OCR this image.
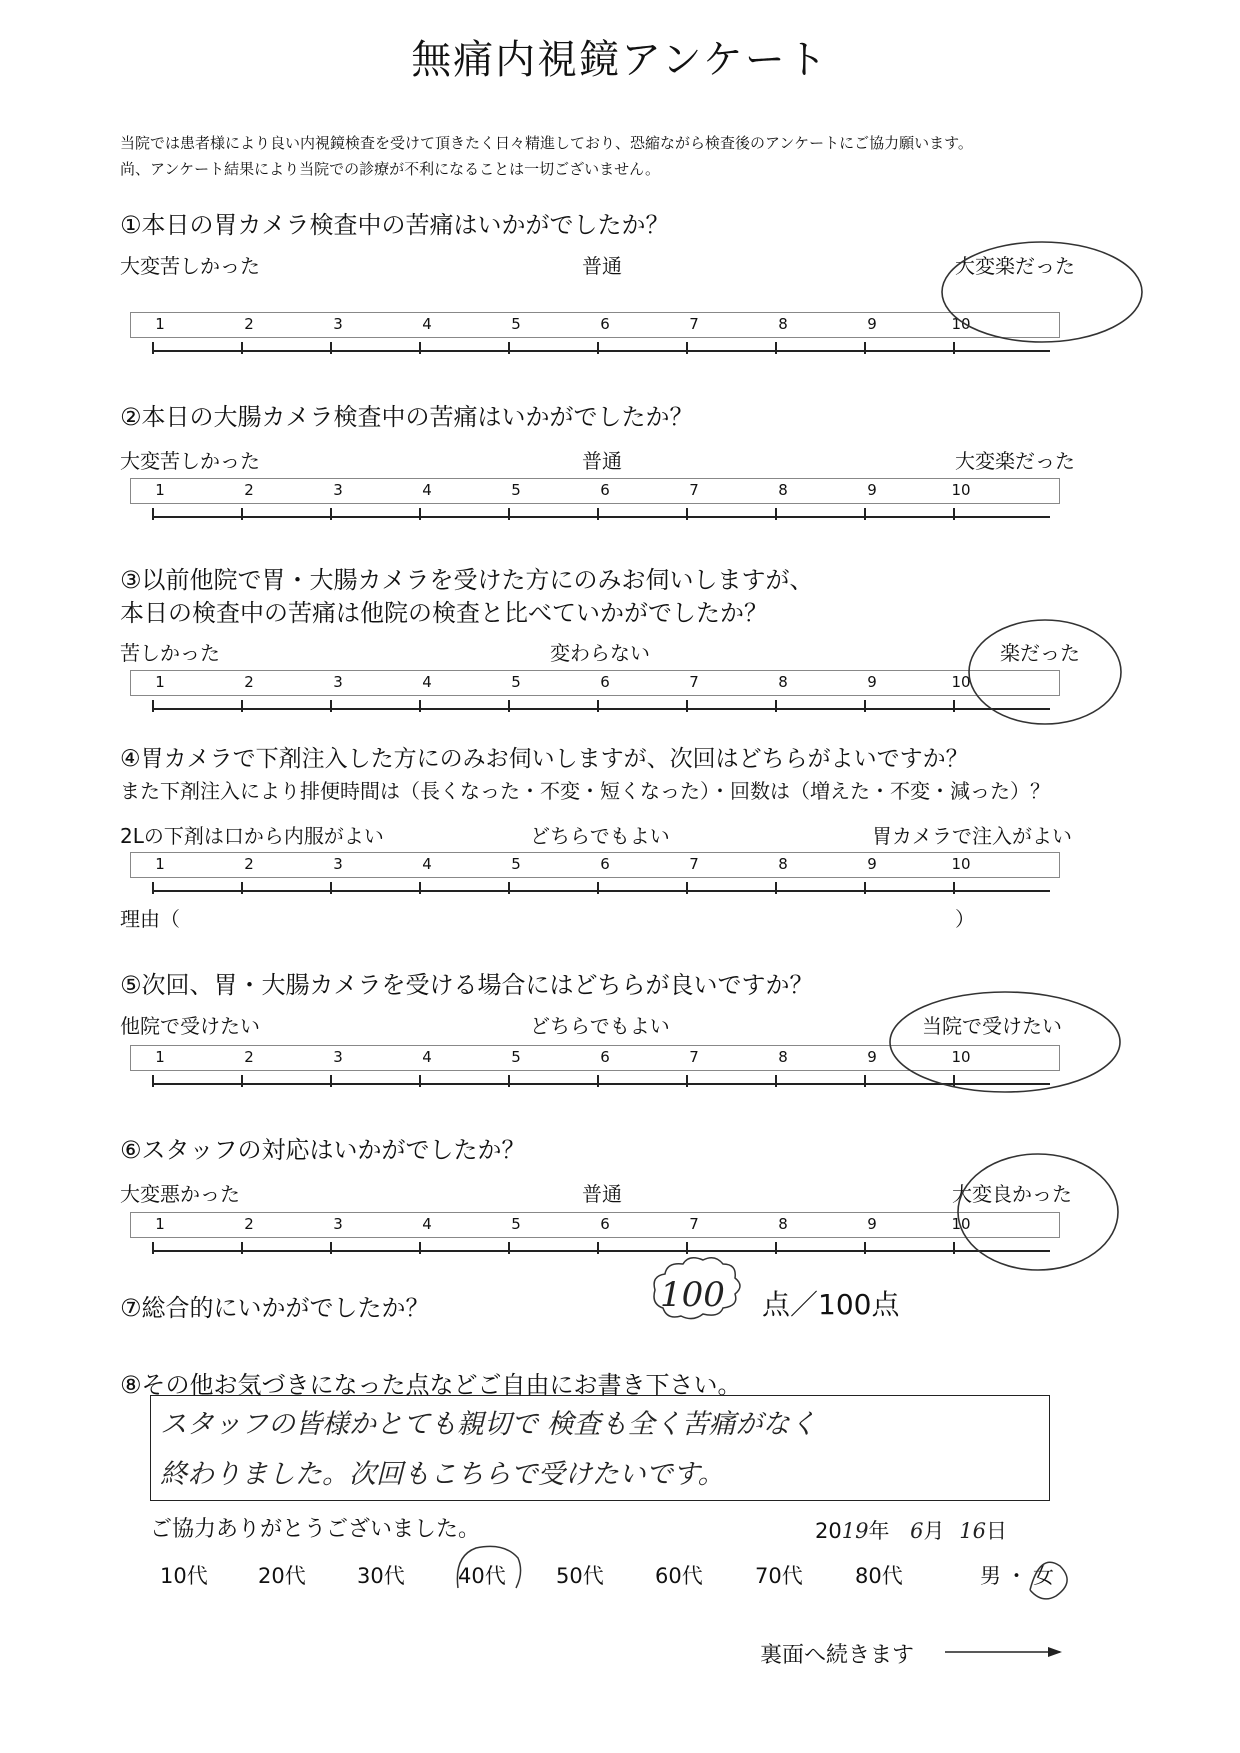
無痛内視鏡アンケート
当院では患者様により良い内視鏡検査を受けて頂きたく日々精進しており、恐縮ながら検査後のアンケートにご協力願います。
尚、アンケート結果により当院での診療が不利になることは一切ございません。
①本日の胃カメラ検査中の苦痛はいかがでしたか？
大変苦しかった	普通	大変楽だった
1	2	3	4	5	6	7	8	9	10
②本日の大腸カメラ検査中の苦痛はいかがでしたか？
大変苦しかった	普通	大変楽だった
1	2	3	4	5	6	7	8	9	10
③以前他院で胃・大腸カメラを受けた方にのみお伺いしますが、
本日の検査中の苦痛は他院の検査と比べていかがでしたか？
苦しかった	変わらない	楽だった
1	2	3	4	5	6	7	8	9	10
④胃カメラで下剤注入した方にのみお伺いしますが、次回はどちらがよいですか？
また下剤注入により排便時間は（長くなった・不変・短くなった）・回数は（増えた・不変・減った）？
2Lの下剤は口から内服がよい	どちらでもよい	胃カメラで注入がよい
1	2	3	4	5	6	7	8	9	10
理由（	）
⑤次回、胃・大腸カメラを受ける場合にはどちらが良いですか？
他院で受けたい	どちらでもよい	当院で受けたい
1	2	3	4	5	6	7	8	9	10
⑥スタッフの対応はいかがでしたか？
大変悪かった	普通	大変良かった
1	2	3	4	5	6	7	8	9	10
⑦総合的にいかがでしたか？	100 点／100点
⑧その他お気づきになった点などご自由にお書き下さい。
スタッフの皆様かとても親切で 検査も全く苦痛がなく
終わりました。次回もこちらで受けたいです。
ご協力ありがとうございました。	2019年 6月 16日
10代 20代 30代	40代 50代 60代 70代 80代	男 ・ 女
裏面へ続きます
